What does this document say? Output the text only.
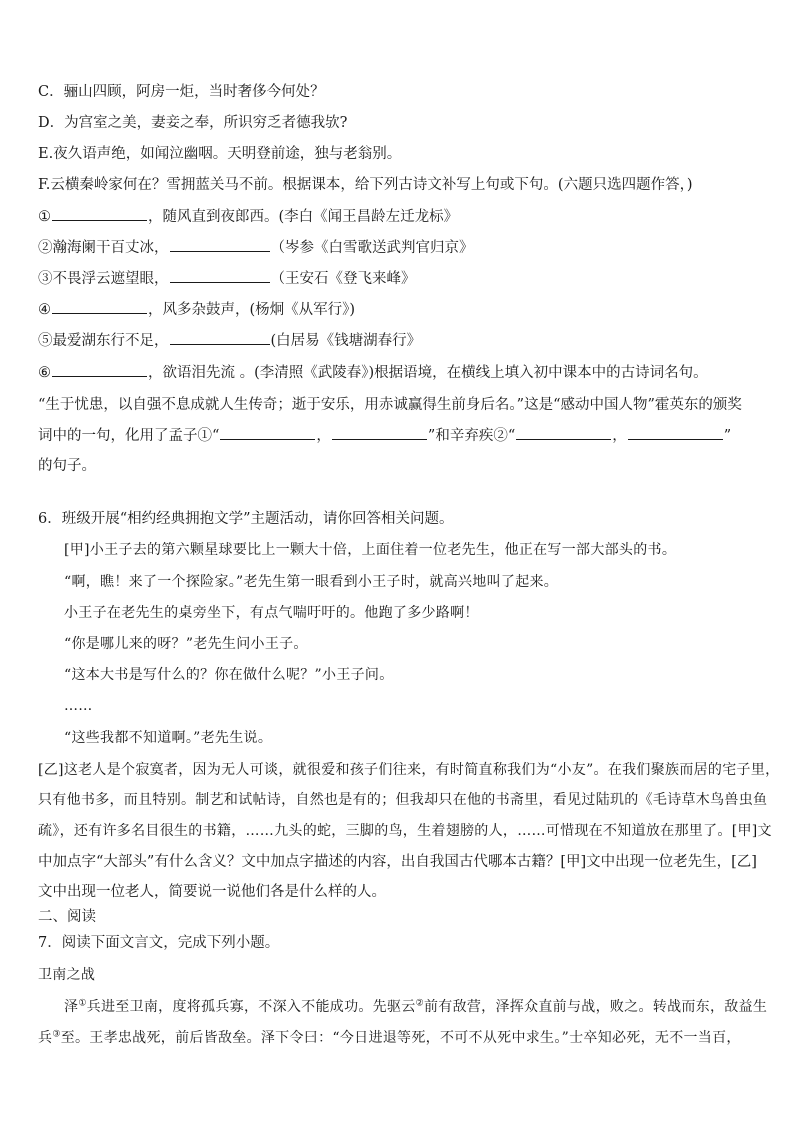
C．骊山四顾，阿房一炬，当时奢侈今何处？
D．为宫室之美，妻妾之奉，所识穷乏者德我欤?
E.夜久语声绝，如闻泣幽咽。天明登前途，独与老翁别。
F.云横秦岭家何在？雪拥蓝关马不前。根据课本，给下列古诗文补写上句或下句。(六题只选四题作答，)
①	，随风直到夜郎西。(李白《闻王昌龄左迁龙标》
②瀚海阑干百丈冰，	（岑参《白雪歌送武判官归京》
③不畏浮云遮望眼，	（王安石《登飞来峰》
④	，风多杂鼓声，(杨炯《从军行》)
⑤最爱湖东行不足，	(白居易《钱塘湖春行》
⑥	，欲语泪先流 。(李清照《武陵春》)根据语境，在横线上填入初中课本中的古诗词名句。
“生于忧患，以自强不息成就人生传奇；逝于安乐，用赤诚赢得生前身后名。”这是“感动中国人物”霍英东的颁奖
词中的一句，化用了孟子①“	，	”和辛弃疾②“	，	”
的句子。
6．班级开展“相约经典拥抱文学”主题活动，请你回答相关问题。
[甲]小王子去的第六颗星球要比上一颗大十倍，上面住着一位老先生，他正在写一部大部头的书。
“啊，瞧！来了一个探险家。”老先生第一眼看到小王子时，就高兴地叫了起来。
小王子在老先生的桌旁坐下，有点气喘吁吁的。他跑了多少路啊！
“你是哪儿来的呀？”老先生问小王子。
“这本大书是写什么的？你在做什么呢？”小王子问。
……
“这些我都不知道啊。”老先生说。
[乙]这老人是个寂寞者，因为无人可谈，就很爱和孩子们往来，有时简直称我们为“小友”。在我们聚族而居的宅子里，
只有他书多，而且特别。制艺和试帖诗，自然也是有的；但我却只在他的书斋里，看见过陆玑的《毛诗草木鸟兽虫鱼
疏》，还有许多名目很生的书籍，……九头的蛇，三脚的鸟，生着翅膀的人，……可惜现在不知道放在那里了。[甲]文
中加点字“大部头”有什么含义？文中加点字描述的内容，出自我国古代哪本古籍？[甲]文中出现一位老先生，[乙]
文中出现一位老人，简要说一说他们各是什么样的人。
二、阅读
7．阅读下面文言文，完成下列小题。
卫南之战
泽①兵进至卫南，度将孤兵寡，不深入不能成功。先驱云②前有敌营，泽挥众直前与战，败之。转战而东，敌益生
兵③至。王孝忠战死，前后皆敌垒。泽下令曰：“今日进退等死，不可不从死中求生。”士卒知必死，无不一当百，
